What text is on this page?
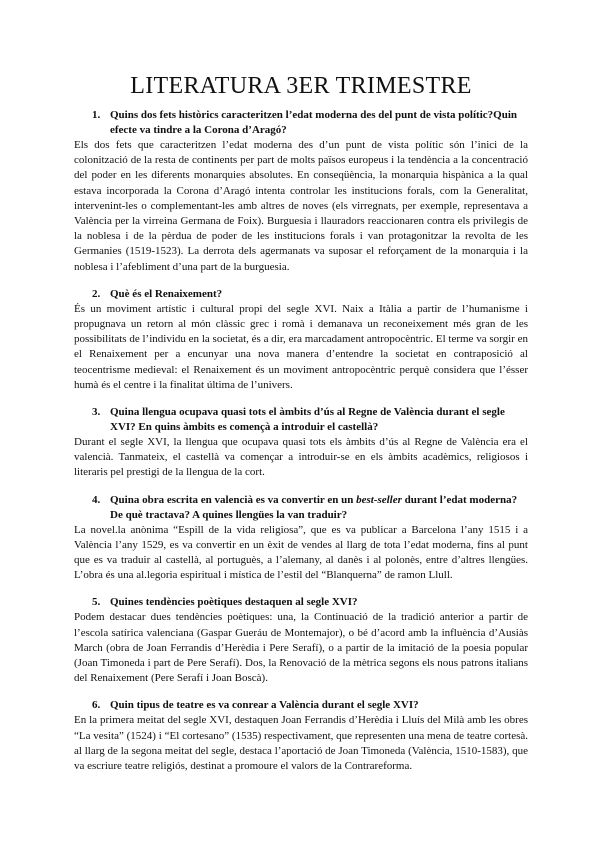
LITERATURA 3ER TRIMESTRE

1. Quins dos fets històrics caracteritzen l’edat moderna des del punt de vista polític?Quin efecte va tindre a la Corona d’Aragó?

Els dos fets que caracteritzen l’edat moderna des d’un punt de vista polític són l’inici de la colonització de la resta de continents per part de molts països europeus i la tendència a la concentració del poder en les diferents monarquies absolutes. En conseqüència, la monarquia hispànica a la qual estava incorporada la Corona d’Aragó intenta controlar les institucions forals, com la Generalitat, intervenint-les o complementant-les amb altres de noves (els virregnats, per exemple, representava a València per la virreina Germana de Foix). Burguesia i llauradors reaccionaren contra els privilegis de la noblesa i de la pèrdua de poder de les institucions forals i van protagonitzar la revolta de les Germanies (1519-1523). La derrota dels agermanats va suposar el reforçament de la monarquia i la noblesa i l’afebliment d’una part de la burguesia.

2. Què és el Renaixement?

És un moviment artístic i cultural propi del segle XVI. Naix a Itàlia a partir de l’humanisme i propugnava un retorn al món clàssic grec i romà i demanava un reconeixement més gran de les possibilitats de l’individu en la societat, és a dir, era marcadament antropocèntric. El terme va sorgir en el Renaixement per a encunyar una nova manera d’entendre la societat en contraposició al teocentrisme medieval: el Renaixement és un moviment antropocèntric perquè considera que l’ésser humà és el centre i la finalitat última de l’univers.

3. Quina llengua ocupava quasi tots el àmbits d’ús al Regne de València durant el segle XVI? En quins àmbits es començà a introduir el castellà?

Durant el segle XVI, la llengua que ocupava quasi tots els àmbits d’ús al Regne de València era el valencià. Tanmateix, el castellà va començar a introduir-se en els àmbits acadèmics, religiosos i literaris pel prestigi de la llengua de la cort.

4. Quina obra escrita en valencià es va convertir en un best-seller durant l’edat moderna? De què tractava? A quines llengües la van traduir?

La novel.la anònima “Espill de la vida religiosa”, que es va publicar a Barcelona l’any 1515 i a València l’any 1529, es va convertir en un èxit de vendes al llarg de tota l’edat moderna, fins al punt que es va traduir al castellà, al portuguès, a l’alemany, al danès i al polonès, entre d’altres llengües. L’obra és una al.legoria espiritual i mística de l’estil del “Blanquerna” de ramon Llull.

5. Quines tendències poètiques destaquen al segle XVI?

Podem destacar dues tendències poètiques: una, la Continuació de la tradició anterior a partir de l’escola satírica valenciana (Gaspar Gueráu de Montemajor), o bé d’acord amb la influència d’Ausiàs March (obra de Joan Ferrandis d’Herèdia i Pere Serafí), o a partir de la imitació de la poesia popular (Joan Timoneda i part de Pere Serafí). Dos, la Renovació de la mètrica segons els nous patrons italians del Renaixement (Pere Serafí i Joan Boscà).

6. Quin tipus de teatre es va conrear a València durant el segle XVI?

En la primera meitat del segle XVI, destaquen Joan Ferrandis d’Herèdia i Lluís del Milà amb les obres “La vesita” (1524) i “El cortesano” (1535) respectivament, que representen una mena de teatre cortesà. al llarg de la segona meitat del segle, destaca l’aportació de Joan Timoneda (València, 1510-1583), que va escriure teatre religiós, destinat a promoure el valors de la Contrareforma.
